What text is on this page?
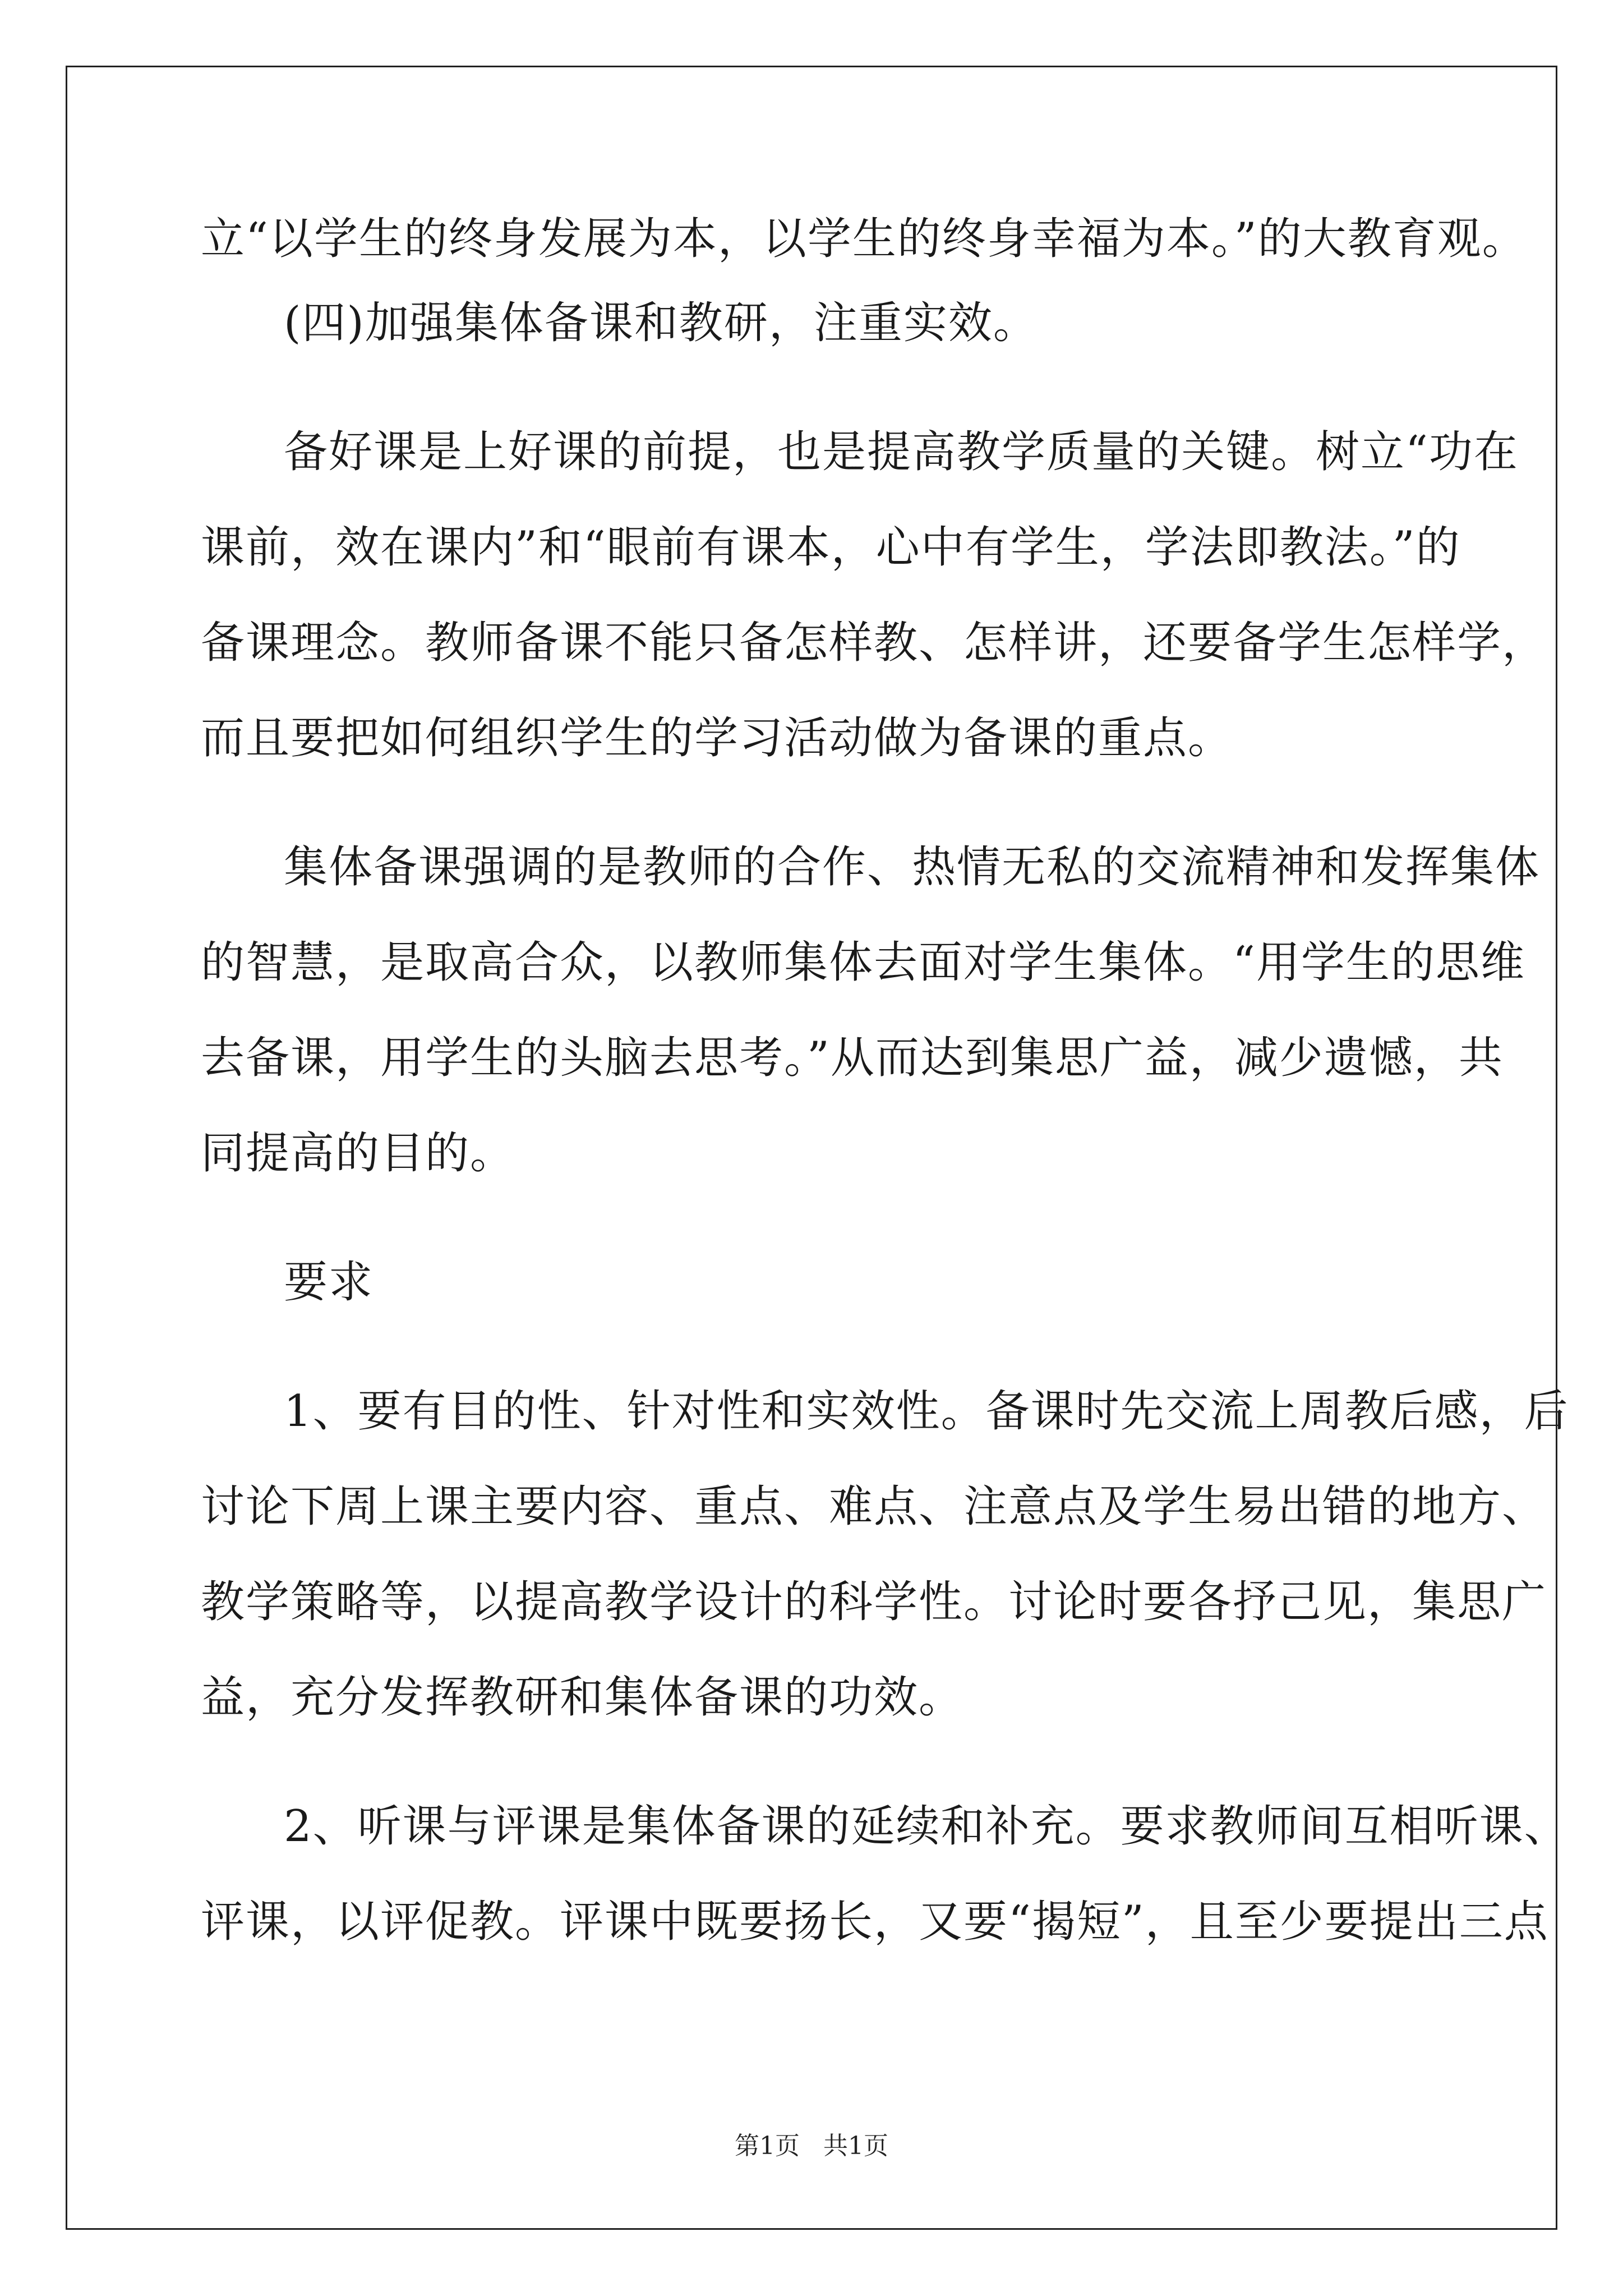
立“以学生的终身发展为本，以学生的终身幸福为本。”的大教育观。
(四)加强集体备课和教研，注重实效。
备好课是上好课的前提，也是提高教学质量的关键。树立“功在
课前，效在课内”和“眼前有课本，心中有学生，学法即教法。”的
备课理念。教师备课不能只备怎样教、怎样讲，还要备学生怎样学，
而且要把如何组织学生的学习活动做为备课的重点。
集体备课强调的是教师的合作、热情无私的交流精神和发挥集体
的智慧，是取高合众，以教师集体去面对学生集体。“用学生的思维
去备课，用学生的头脑去思考。”从而达到集思广益，减少遗憾，共
同提高的目的。
要求
1、要有目的性、针对性和实效性。备课时先交流上周教后感，后
讨论下周上课主要内容、重点、难点、注意点及学生易出错的地方、
教学策略等，以提高教学设计的科学性。讨论时要各抒己见，集思广
益，充分发挥教研和集体备课的功效。
2、听课与评课是集体备课的延续和补充。要求教师间互相听课、
评课，以评促教。评课中既要扬长，又要“揭短”，且至少要提出三点
第1页   共1页
